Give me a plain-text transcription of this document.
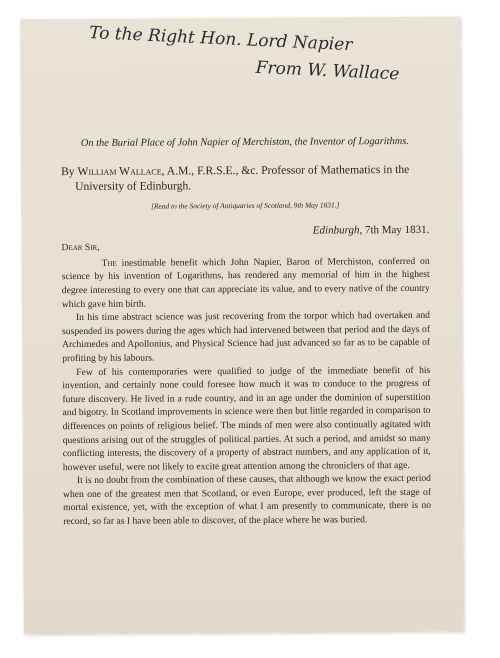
To the Right Hon. Lord Napier
From W. Wallace
On the Burial Place of John Napier of Merchiston, the Inventor of Logarithms.
By William Wallace, A.M., F.R.S.E., &c. Professor of Mathematics in the University of Edinburgh.
[Read to the Society of Antiquaries of Scotland, 9th May 1831.]
Edinburgh, 7th May 1831.
Dear Sir,

The inestimable benefit which John Napier, Baron of Merchiston, conferred on science by his invention of Logarithms, has rendered any memorial of him in the highest degree interesting to every one that can appreciate its value, and to every native of the country which gave him birth.

In his time abstract science was just recovering from the torpor which had overtaken and suspended its powers during the ages which had intervened between that period and the days of Archimedes and Apollonius, and Physical Science had just advanced so far as to be capable of profiting by his labours.

Few of his contemporaries were qualified to judge of the immediate benefit of his invention, and certainly none could foresee how much it was to conduce to the progress of future discovery. He lived in a rude country, and in an age under the dominion of superstition and bigotry. In Scotland improvements in science were then but little regarded in comparison to differences on points of religious belief. The minds of men were also continually agitated with questions arising out of the struggles of political parties. At such a period, and amidst so many conflicting interests, the discovery of a property of abstract numbers, and any application of it, however useful, were not likely to excite great attention among the chroniclers of that age.

It is no doubt from the combination of these causes, that although we know the exact period when one of the greatest men that Scotland, or even Europe, ever produced, left the stage of mortal existence, yet, with the exception of what I am presently to communicate, there is no record, so far as I have been able to discover, of the place where he was buried.
